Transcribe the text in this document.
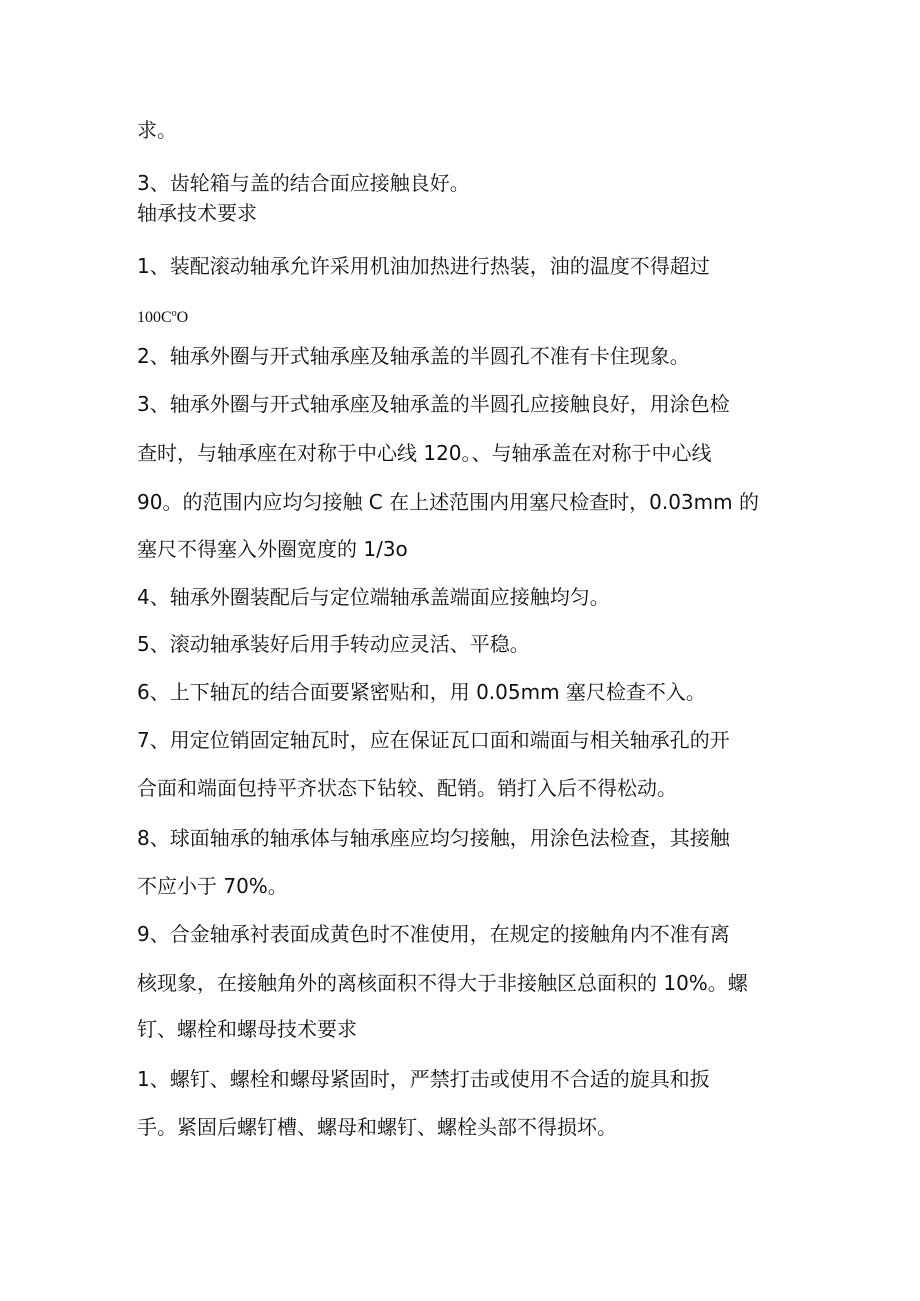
求。
3、齿轮箱与盖的结合面应接触良好。
轴承技术要求
1、装配滚动轴承允许采用机油加热进行热装，油的温度不得超过
$100C^oO$
2、轴承外圈与开式轴承座及轴承盖的半圆孔不准有卡住现象。
3、轴承外圈与开式轴承座及轴承盖的半圆孔应接触良好，用涂色检
查时，与轴承座在对称于中心线 120。、与轴承盖在对称于中心线
90。的范围内应均匀接触 C 在上述范围内用塞尺检查时，0.03mm 的
塞尺不得塞入外圈宽度的 1/3o
4、轴承外圈装配后与定位端轴承盖端面应接触均匀。
5、滚动轴承装好后用手转动应灵活、平稳。
6、上下轴瓦的结合面要紧密贴和，用 0.05mm 塞尺检查不入。
7、用定位销固定轴瓦时，应在保证瓦口面和端面与相关轴承孔的开
合面和端面包持平齐状态下钻较、配销。销打入后不得松动。
8、球面轴承的轴承体与轴承座应均匀接触，用涂色法检查，其接触
不应小于 70%。
9、合金轴承衬表面成黄色时不准使用，在规定的接触角内不准有离
核现象，在接触角外的离核面积不得大于非接触区总面积的 10%。螺
钉、螺栓和螺母技术要求
1、螺钉、螺栓和螺母紧固时，严禁打击或使用不合适的旋具和扳
手。紧固后螺钉槽、螺母和螺钉、螺栓头部不得损坏。
